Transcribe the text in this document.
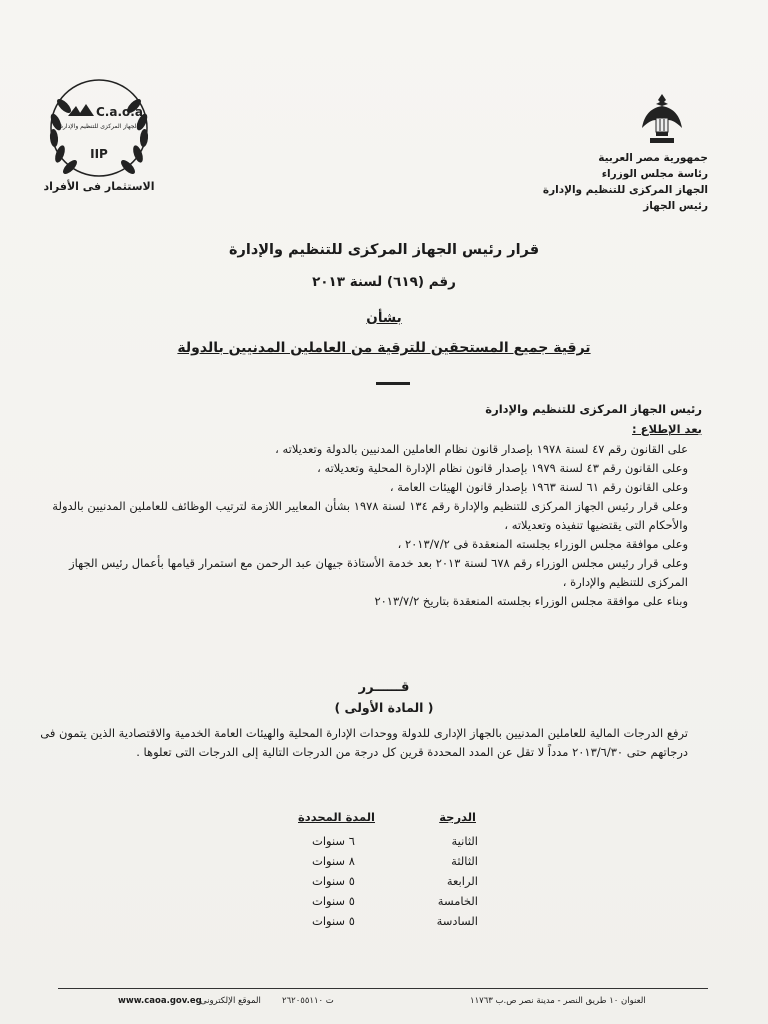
C.a.o.a
الجهاز المركزى للتنظيم والإدارة
IIP
الاستثمار فى الأفراد
جمهورية مصر العربية
رئاسة مجلس الوزراء
الجهاز المركزى للتنظيم والإدارة
رئيس الجهاز
قرار رئيس الجهاز المركزى للتنظيم والإدارة
رقم (٦١٩) لسنة ٢٠١٣
بشأن
ترقية جميع المستحقين للترقية من العاملين المدنيين بالدولة
رئيس الجهاز المركزى للتنظيم والإدارة
بعد الإطلاع :

على القانون رقم ٤٧ لسنة ١٩٧٨ بإصدار قانون نظام العاملين المدنيين بالدولة وتعديلاته ،

وعلى القانون رقم ٤٣ لسنة ١٩٧٩ بإصدار قانون نظام الإدارة المحلية وتعديلاته ،

وعلى القانون رقم ٦١ لسنة ١٩٦٣ بإصدار قانون الهيئات العامة ،

وعلى قرار رئيس الجهاز المركزى للتنظيم والإدارة رقم ١٣٤ لسنة ١٩٧٨ بشأن المعايير اللازمة لترتيب الوظائف للعاملين المدنيين بالدولة والأحكام التى يقتضيها تنفيذه وتعديلاته ،

وعلى موافقة مجلس الوزراء بجلسته المنعقدة فى ٢٠١٣/٧/٢ ،

وعلى قرار رئيس مجلس الوزراء رقم ٦٧٨ لسنة ٢٠١٣ بعد خدمة الأستاذة جيهان عبد الرحمن مع استمرار قيامها بأعمال رئيس الجهاز المركزى للتنظيم والإدارة ،

وبناء على موافقة مجلس الوزراء بجلسته المنعقدة بتاريخ ٢٠١٣/٧/٢

قــــــرر
( المادة الأولى )
ترفع الدرجات المالية للعاملين المدنيين بالجهاز الإدارى للدولة ووحدات الإدارة المحلية والهيئات العامة الخدمية والاقتصادية الذين يتمون فى درجاتهم حتى ٢٠١٣/٦/٣٠ مدداً لا تقل عن المدد المحددة قرين كل درجة من الدرجات التالية إلى الدرجات التى تعلوها .
الدرجة
المدة المحددة
الثانية
٦ سنوات
الثالثة
٨ سنوات
الرابعة
٥ سنوات
الخامسة
٥ سنوات
السادسة
٥ سنوات
www.caoa.gov.eg
الموقع الإلكترونى ت ٢٦٢٠٥٥١١٠	العنوان ١٠ طريق النصر - مدينة نصر ص.ب ١١٧٦٣
